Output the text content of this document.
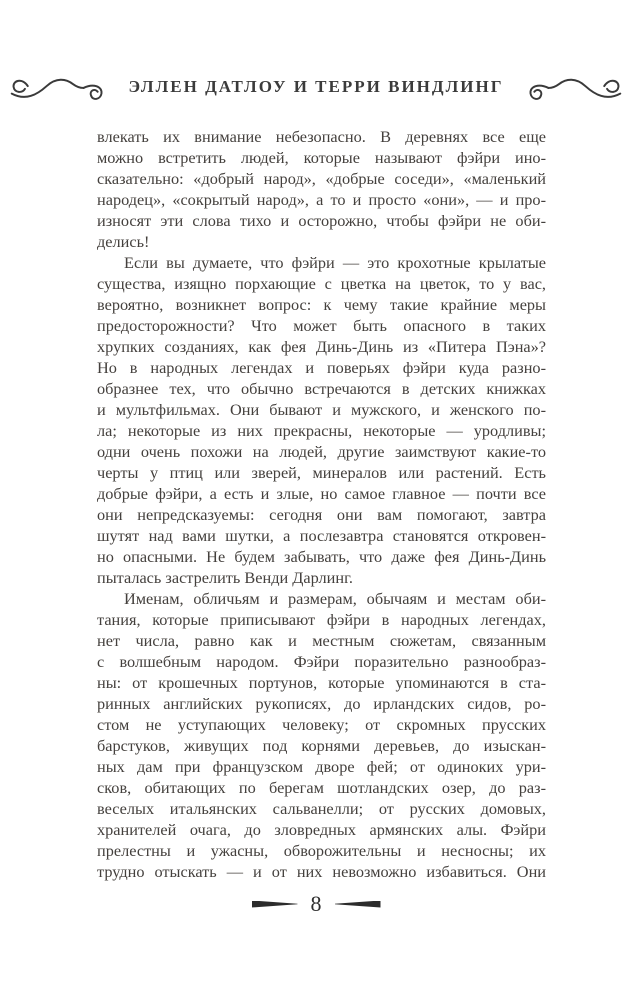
ЭЛЛЕН ДАТЛОУ И ТЕРРИ ВИНДЛИНГ
влекать их внимание небезопасно. В деревнях все еще
можно встретить людей, которые называют фэйри ино-
сказательно: «добрый народ», «добрые соседи», «маленький
народец», «сокрытый народ», а то и просто «они», — и про-
износят эти слова тихо и осторожно, чтобы фэйри не оби-
делись!
Если вы думаете, что фэйри — это крохотные крылатые
существа, изящно порхающие с цветка на цветок, то у вас,
вероятно, возникнет вопрос: к чему такие крайние меры
предосторожности? Что может быть опасного в таких
хрупких созданиях, как фея Динь-Динь из «Питера Пэна»?
Но в народных легендах и поверьях фэйри куда разно-
образнее тех, что обычно встречаются в детских книжках
и мультфильмах. Они бывают и мужского, и женского по-
ла; некоторые из них прекрасны, некоторые — уродливы;
одни очень похожи на людей, другие заимствуют какие-то
черты у птиц или зверей, минералов или растений. Есть
добрые фэйри, а есть и злые, но самое главное — почти все
они непредсказуемы: сегодня они вам помогают, завтра
шутят над вами шутки, а послезавтра становятся откровен-
но опасными. Не будем забывать, что даже фея Динь-Динь
пыталась застрелить Венди Дарлинг.
Именам, обличьям и размерам, обычаям и местам оби-
тания, которые приписывают фэйри в народных легендах,
нет числа, равно как и местным сюжетам, связанным
с волшебным народом. Фэйри поразительно разнообраз-
ны: от крошечных портунов, которые упоминаются в ста-
ринных английских рукописях, до ирландских сидов, ро-
стом не уступающих человеку; от скромных прусских
барстуков, живущих под корнями деревьев, до изыскан-
ных дам при французском дворе фей; от одиноких ури-
сков, обитающих по берегам шотландских озер, до раз-
веселых итальянских сальванелли; от русских домовых,
хранителей очага, до зловредных армянских алы. Фэйри
прелестны и ужасны, обворожительны и несносны; их
трудно отыскать — и от них невозможно избавиться. Они
8
